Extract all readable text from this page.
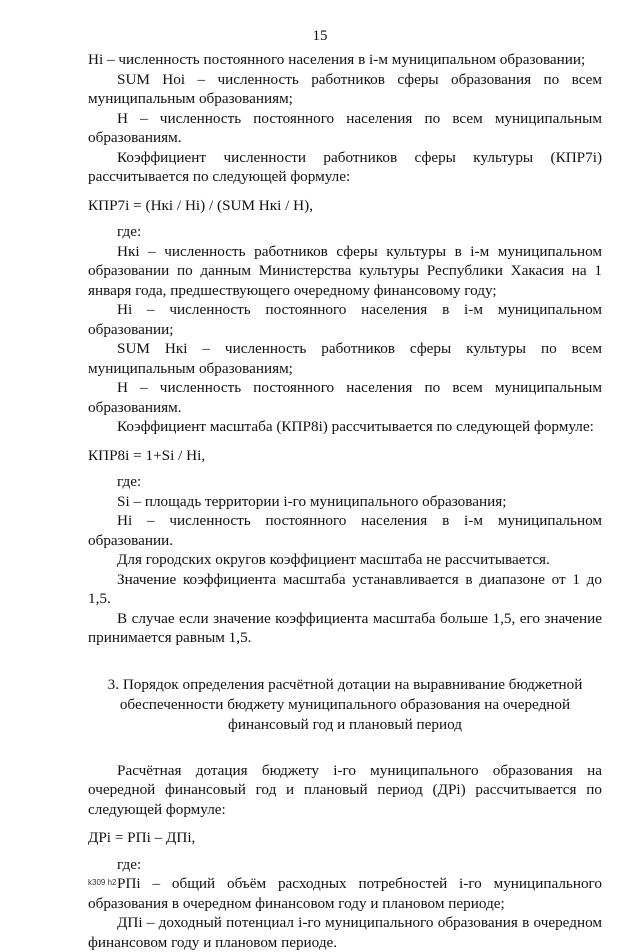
15

Hi – численность постоянного населения в i-м муниципальном образовании;

SUM Hoi – численность работников сферы образования по всем муниципальным образованиям;

H – численность постоянного населения по всем муниципальным образованиям.

Коэффициент численности работников сферы культуры (КПР7i) рассчитывается по следующей формуле:

КПР7i = (Нкi / Hi) / (SUM Нкi / H),

где:

Нкi – численность работников сферы культуры в i-м муниципальном образовании по данным Министерства культуры Республики Хакасия на 1 января года, предшествующего очередному финансовому году;

Hi – численность постоянного населения в i-м муниципальном образовании;

SUM Нкi – численность работников сферы культуры по всем муниципальным образованиям;

H – численность постоянного населения по всем муниципальным образованиям.

Коэффициент масштаба (КПР8i) рассчитывается по следующей формуле:

КПР8i = 1+Si / Hi,

где:

Si – площадь территории i-го муниципального образования;

Hi – численность постоянного населения в i-м муниципальном образовании.

Для городских округов коэффициент масштаба не рассчитывается.

Значение коэффициента масштаба устанавливается в диапазоне от 1 до 1,5.

В случае если значение коэффициента масштаба больше 1,5, его значение принимается равным 1,5.

3. Порядок определения расчётной дотации на выравнивание бюджетной
обеспеченности бюджету муниципального образования на очередной
финансовый год и плановый период

Расчётная дотация бюджету i-го муниципального образования на очередной финансовый год и плановый период (ДРi) рассчитывается по следующей формуле:

ДРi = РПi – ДПi,

где:

РПi – общий объём расходных потребностей i-го муниципального образования в очередном финансовом году и плановом периоде;

ДПi – доходный потенциал i-го муниципального образования в очередном финансовом году и плановом периоде.

k309 h2
